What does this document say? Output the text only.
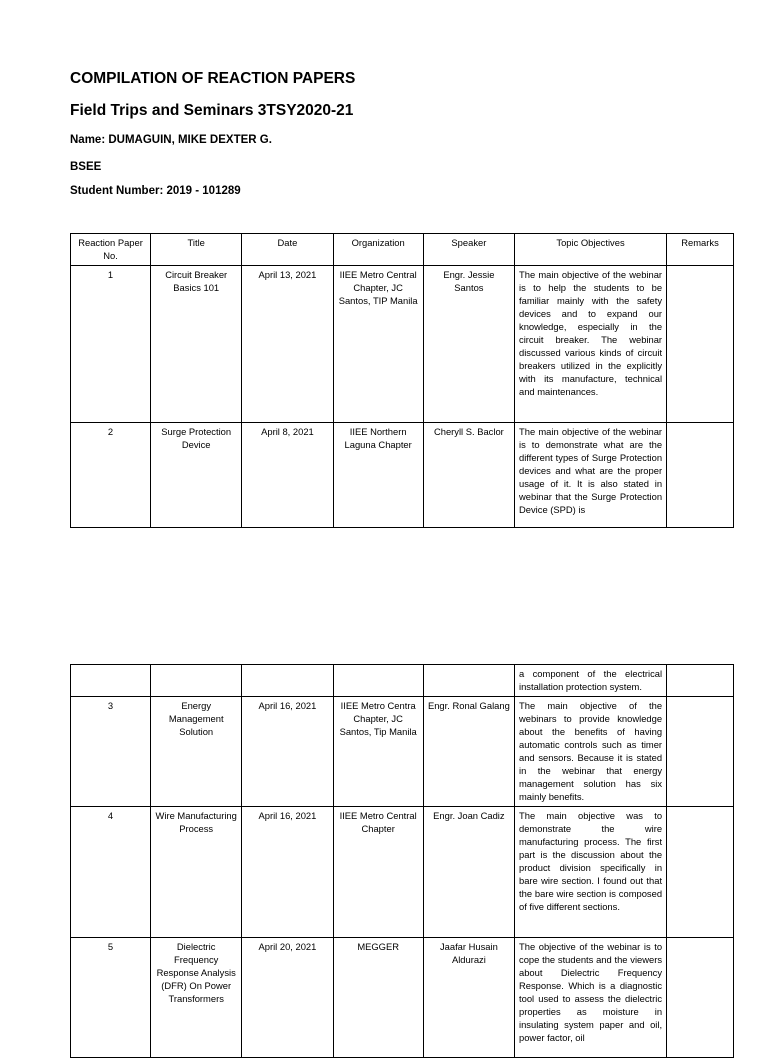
COMPILATION OF REACTION PAPERS
Field Trips and Seminars 3TSY2020-21

Name: DUMAGUIN, MIKE DEXTER G.

BSEE

Student Number: 2019 - 101289

Reaction Paper No.	Title	Date	Organization	Speaker	Topic Objectives	Remarks
1	Circuit Breaker Basics 101	April 13, 2021	IIEE Metro Central Chapter, JC Santos, TIP Manila	Engr. Jessie Santos	The main objective of the webinar is to help the students to be familiar mainly with the safety devices and to expand our knowledge, especially in the circuit breaker. The webinar discussed various kinds of circuit breakers utilized in the explicitly with its manufacture, technical and maintenances.	
2	Surge Protection Device	April 8, 2021	IIEE Northern Laguna Chapter	Cheryll S. Baclor	The main objective of the webinar is to demonstrate what are the different types of Surge Protection devices and what are the proper usage of it. It is also stated in webinar that the Surge Protection Device (SPD) is	
					a component of the electrical installation protection system.	
3	Energy Management Solution	April 16, 2021	IIEE Metro Centra Chapter, JC Santos, Tip Manila	Engr. Ronal Galang	The main objective of the webinars to provide knowledge about the benefits of having automatic controls such as timer and sensors. Because it is stated in the webinar that energy management solution has six mainly benefits.	
4	Wire Manufacturing Process	April 16, 2021	IIEE Metro Central Chapter	Engr. Joan Cadiz	The main objective was to demonstrate the wire manufacturing process. The first part is the discussion about the product division specifically in bare wire section. I found out that the bare wire section is composed of five different sections.	
5	Dielectric Frequency Response Analysis (DFR) On Power Transformers	April 20, 2021	MEGGER	Jaafar Husain Aldurazi	The objective of the webinar is to cope the students and the viewers about Dielectric Frequency Response. Which is a diagnostic tool used to assess the dielectric properties as moisture in insulating system paper and oil, power factor, oil	
